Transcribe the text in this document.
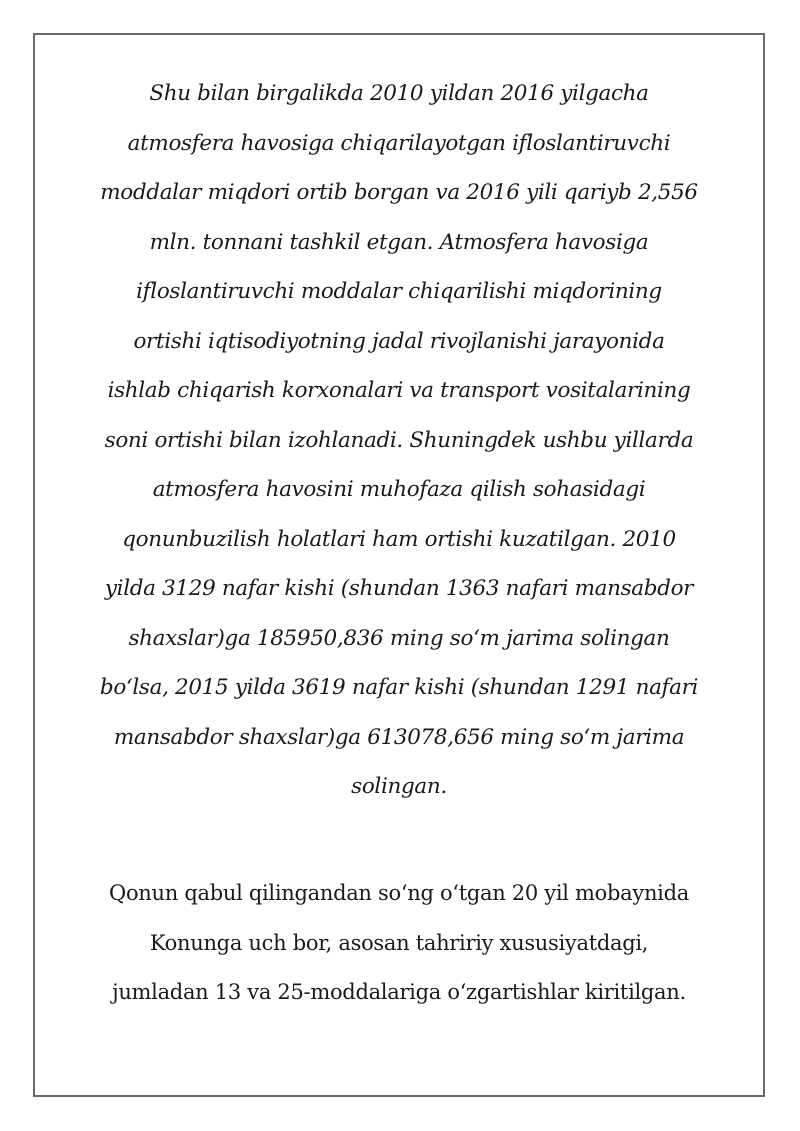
Shu bilan birgalikda 2010 yildan 2016 yilgacha
atmosfera havosiga chiqarilayotgan ifloslantiruvchi
moddalar miqdori ortib borgan va 2016 yili qariyb 2,556
mln. tonnani tashkil etgan. Atmosfera havosiga
ifloslantiruvchi moddalar chiqarilishi miqdorining
ortishi iqtisodiyotning jadal rivojlanishi jarayonida
ishlab chiqarish korxonalari va transport vositalarining
soni ortishi bilan izohlanadi. Shuningdek ushbu yillarda
atmosfera havosini muhofaza qilish sohasidagi
qonunbuzilish holatlari ham ortishi kuzatilgan. 2010
yilda 3129 nafar kishi (shundan 1363 nafari mansabdor
shaxslar)ga 185950,836 ming so‘m jarima solingan
bo‘lsa, 2015 yilda 3619 nafar kishi (shundan 1291 nafari
mansabdor shaxslar)ga 613078,656 ming so‘m jarima
solingan.

Qonun qabul qilingandan so‘ng o‘tgan 20 yil mobaynida
Konunga uch bor, asosan tahririy xususiyatdagi,
jumladan 13 va 25-moddalariga o‘zgartishlar kiritilgan.
